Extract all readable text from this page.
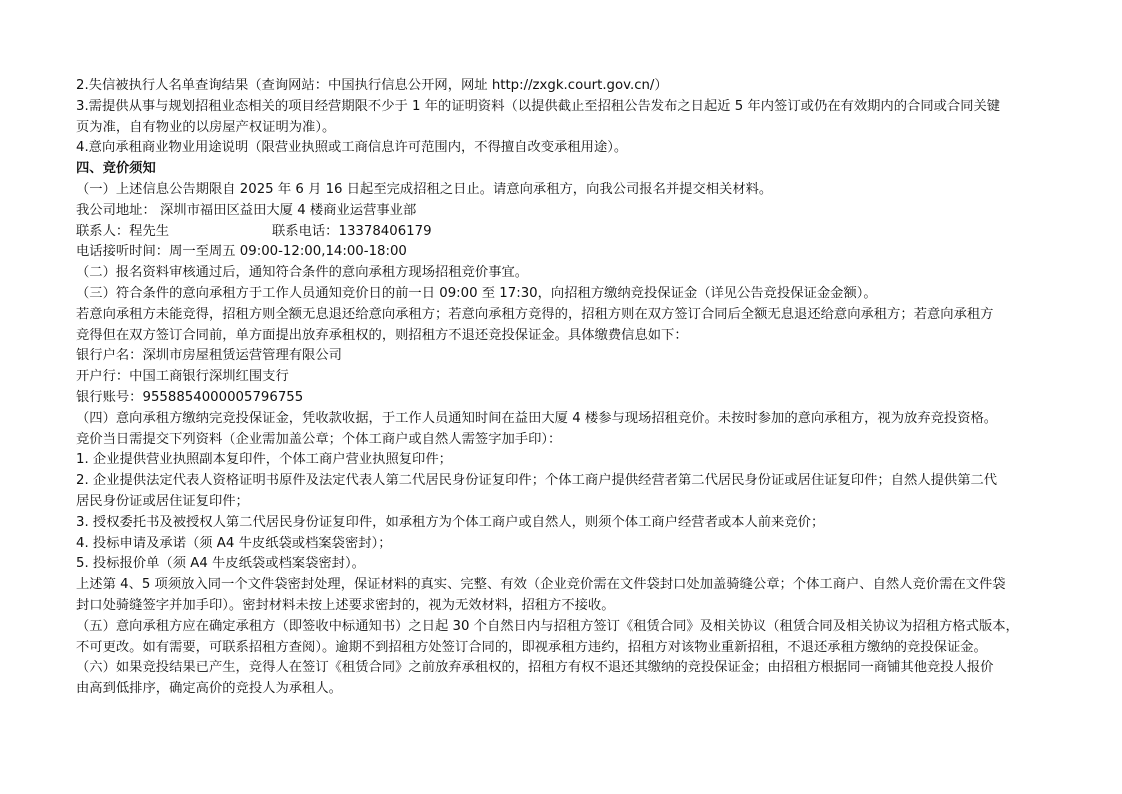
2.失信被执行人名单查询结果（查询网站：中国执行信息公开网，网址 http://zxgk.court.gov.cn/）
3.需提供从事与规划招租业态相关的项目经营期限不少于 1 年的证明资料（以提供截止至招租公告发布之日起近 5 年内签订或仍在有效期内的合同或合同关键
页为准，自有物业的以房屋产权证明为准）。
4.意向承租商业物业用途说明（限营业执照或工商信息许可范围内，不得擅自改变承租用途）。
四、竞价须知
（一）上述信息公告期限自 2025 年 6 月 16 日起至完成招租之日止。请意向承租方，向我公司报名并提交相关材料。
我公司地址： 深圳市福田区益田大厦 4 楼商业运营事业部
联系人：程先生	联系电话：13378406179
电话接听时间：周一至周五 09:00-12:00,14:00-18:00
（二）报名资料审核通过后，通知符合条件的意向承租方现场招租竞价事宜。
（三）符合条件的意向承租方于工作人员通知竞价日的前一日 09:00 至 17:30，向招租方缴纳竞投保证金（详见公告竞投保证金金额）。
若意向承租方未能竞得，招租方则全额无息退还给意向承租方；若意向承租方竞得的，招租方则在双方签订合同后全额无息退还给意向承租方；若意向承租方
竞得但在双方签订合同前，单方面提出放弃承租权的，则招租方不退还竞投保证金。具体缴费信息如下：
银行户名：深圳市房屋租赁运营管理有限公司
开户行：中国工商银行深圳红围支行
银行账号：9558854000005796755
（四）意向承租方缴纳完竞投保证金，凭收款收据，于工作人员通知时间在益田大厦 4 楼参与现场招租竞价。未按时参加的意向承租方，视为放弃竞投资格。
竞价当日需提交下列资料（企业需加盖公章；个体工商户或自然人需签字加手印）：
1. 企业提供营业执照副本复印件，个体工商户营业执照复印件；
2. 企业提供法定代表人资格证明书原件及法定代表人第二代居民身份证复印件；个体工商户提供经营者第二代居民身份证或居住证复印件；自然人提供第二代
居民身份证或居住证复印件；
3. 授权委托书及被授权人第二代居民身份证复印件，如承租方为个体工商户或自然人，则须个体工商户经营者或本人前来竞价；
4. 投标申请及承诺（须 A4 牛皮纸袋或档案袋密封）；
5. 投标报价单（须 A4 牛皮纸袋或档案袋密封）。
上述第 4、5 项须放入同一个文件袋密封处理，保证材料的真实、完整、有效（企业竞价需在文件袋封口处加盖骑缝公章；个体工商户、自然人竞价需在文件袋
封口处骑缝签字并加手印）。密封材料未按上述要求密封的，视为无效材料，招租方不接收。
（五）意向承租方应在确定承租方（即签收中标通知书）之日起 30 个自然日内与招租方签订《租赁合同》及相关协议（租赁合同及相关协议为招租方格式版本，
不可更改。如有需要，可联系招租方查阅）。逾期不到招租方处签订合同的，即视承租方违约，招租方对该物业重新招租，不退还承租方缴纳的竞投保证金。
（六）如果竞投结果已产生，竞得人在签订《租赁合同》之前放弃承租权的，招租方有权不退还其缴纳的竞投保证金；由招租方根据同一商铺其他竞投人报价
由高到低排序，确定高价的竞投人为承租人。
